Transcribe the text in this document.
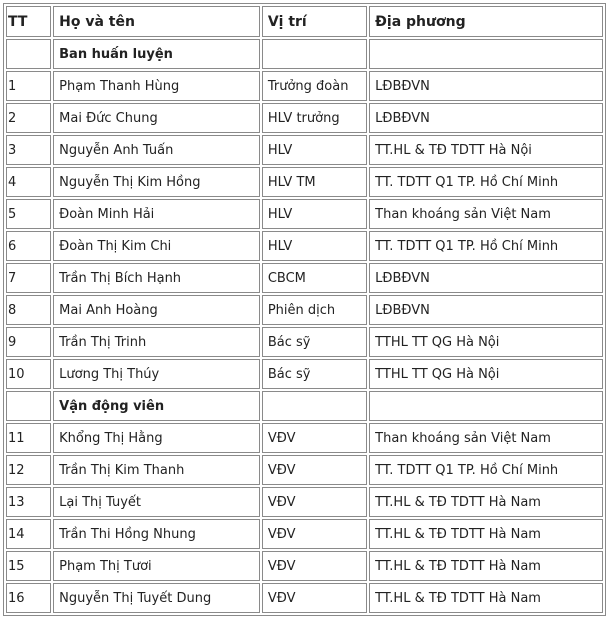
TT	Họ và tên	Vị trí	Địa phương
	Ban huấn luyện		
1	Phạm Thanh Hùng	Trưởng đoàn	LĐBĐVN
2	Mai Đức Chung	HLV trưởng	LĐBĐVN
3	Nguyễn Anh Tuấn	HLV	TT.HL & TĐ TDTT Hà Nội
4	Nguyễn Thị Kim Hồng	HLV TM	TT. TDTT Q1 TP. Hồ Chí Minh
5	Đoàn Minh Hải	HLV	Than khoáng sản Việt Nam
6	Đoàn Thị Kim Chi	HLV	TT. TDTT Q1 TP. Hồ Chí Minh
7	Trần Thị Bích Hạnh	CBCM	LĐBĐVN
8	Mai Anh Hoàng	Phiên dịch	LĐBĐVN
9	Trần Thị Trinh	Bác sỹ	TTHL TT QG Hà Nội
10	Lương Thị Thúy	Bác sỹ	TTHL TT QG Hà Nội
	Vận động viên		
11	Khổng Thị Hằng	VĐV	Than khoáng sản Việt Nam
12	Trần Thị Kim Thanh	VĐV	TT. TDTT Q1 TP. Hồ Chí Minh
13	Lại Thị Tuyết	VĐV	TT.HL & TĐ TDTT Hà Nam
14	Trần Thi Hồng Nhung	VĐV	TT.HL & TĐ TDTT Hà Nam
15	Phạm Thị Tươi	VĐV	TT.HL & TĐ TDTT Hà Nam
16	Nguyễn Thị Tuyết Dung	VĐV	TT.HL & TĐ TDTT Hà Nam
